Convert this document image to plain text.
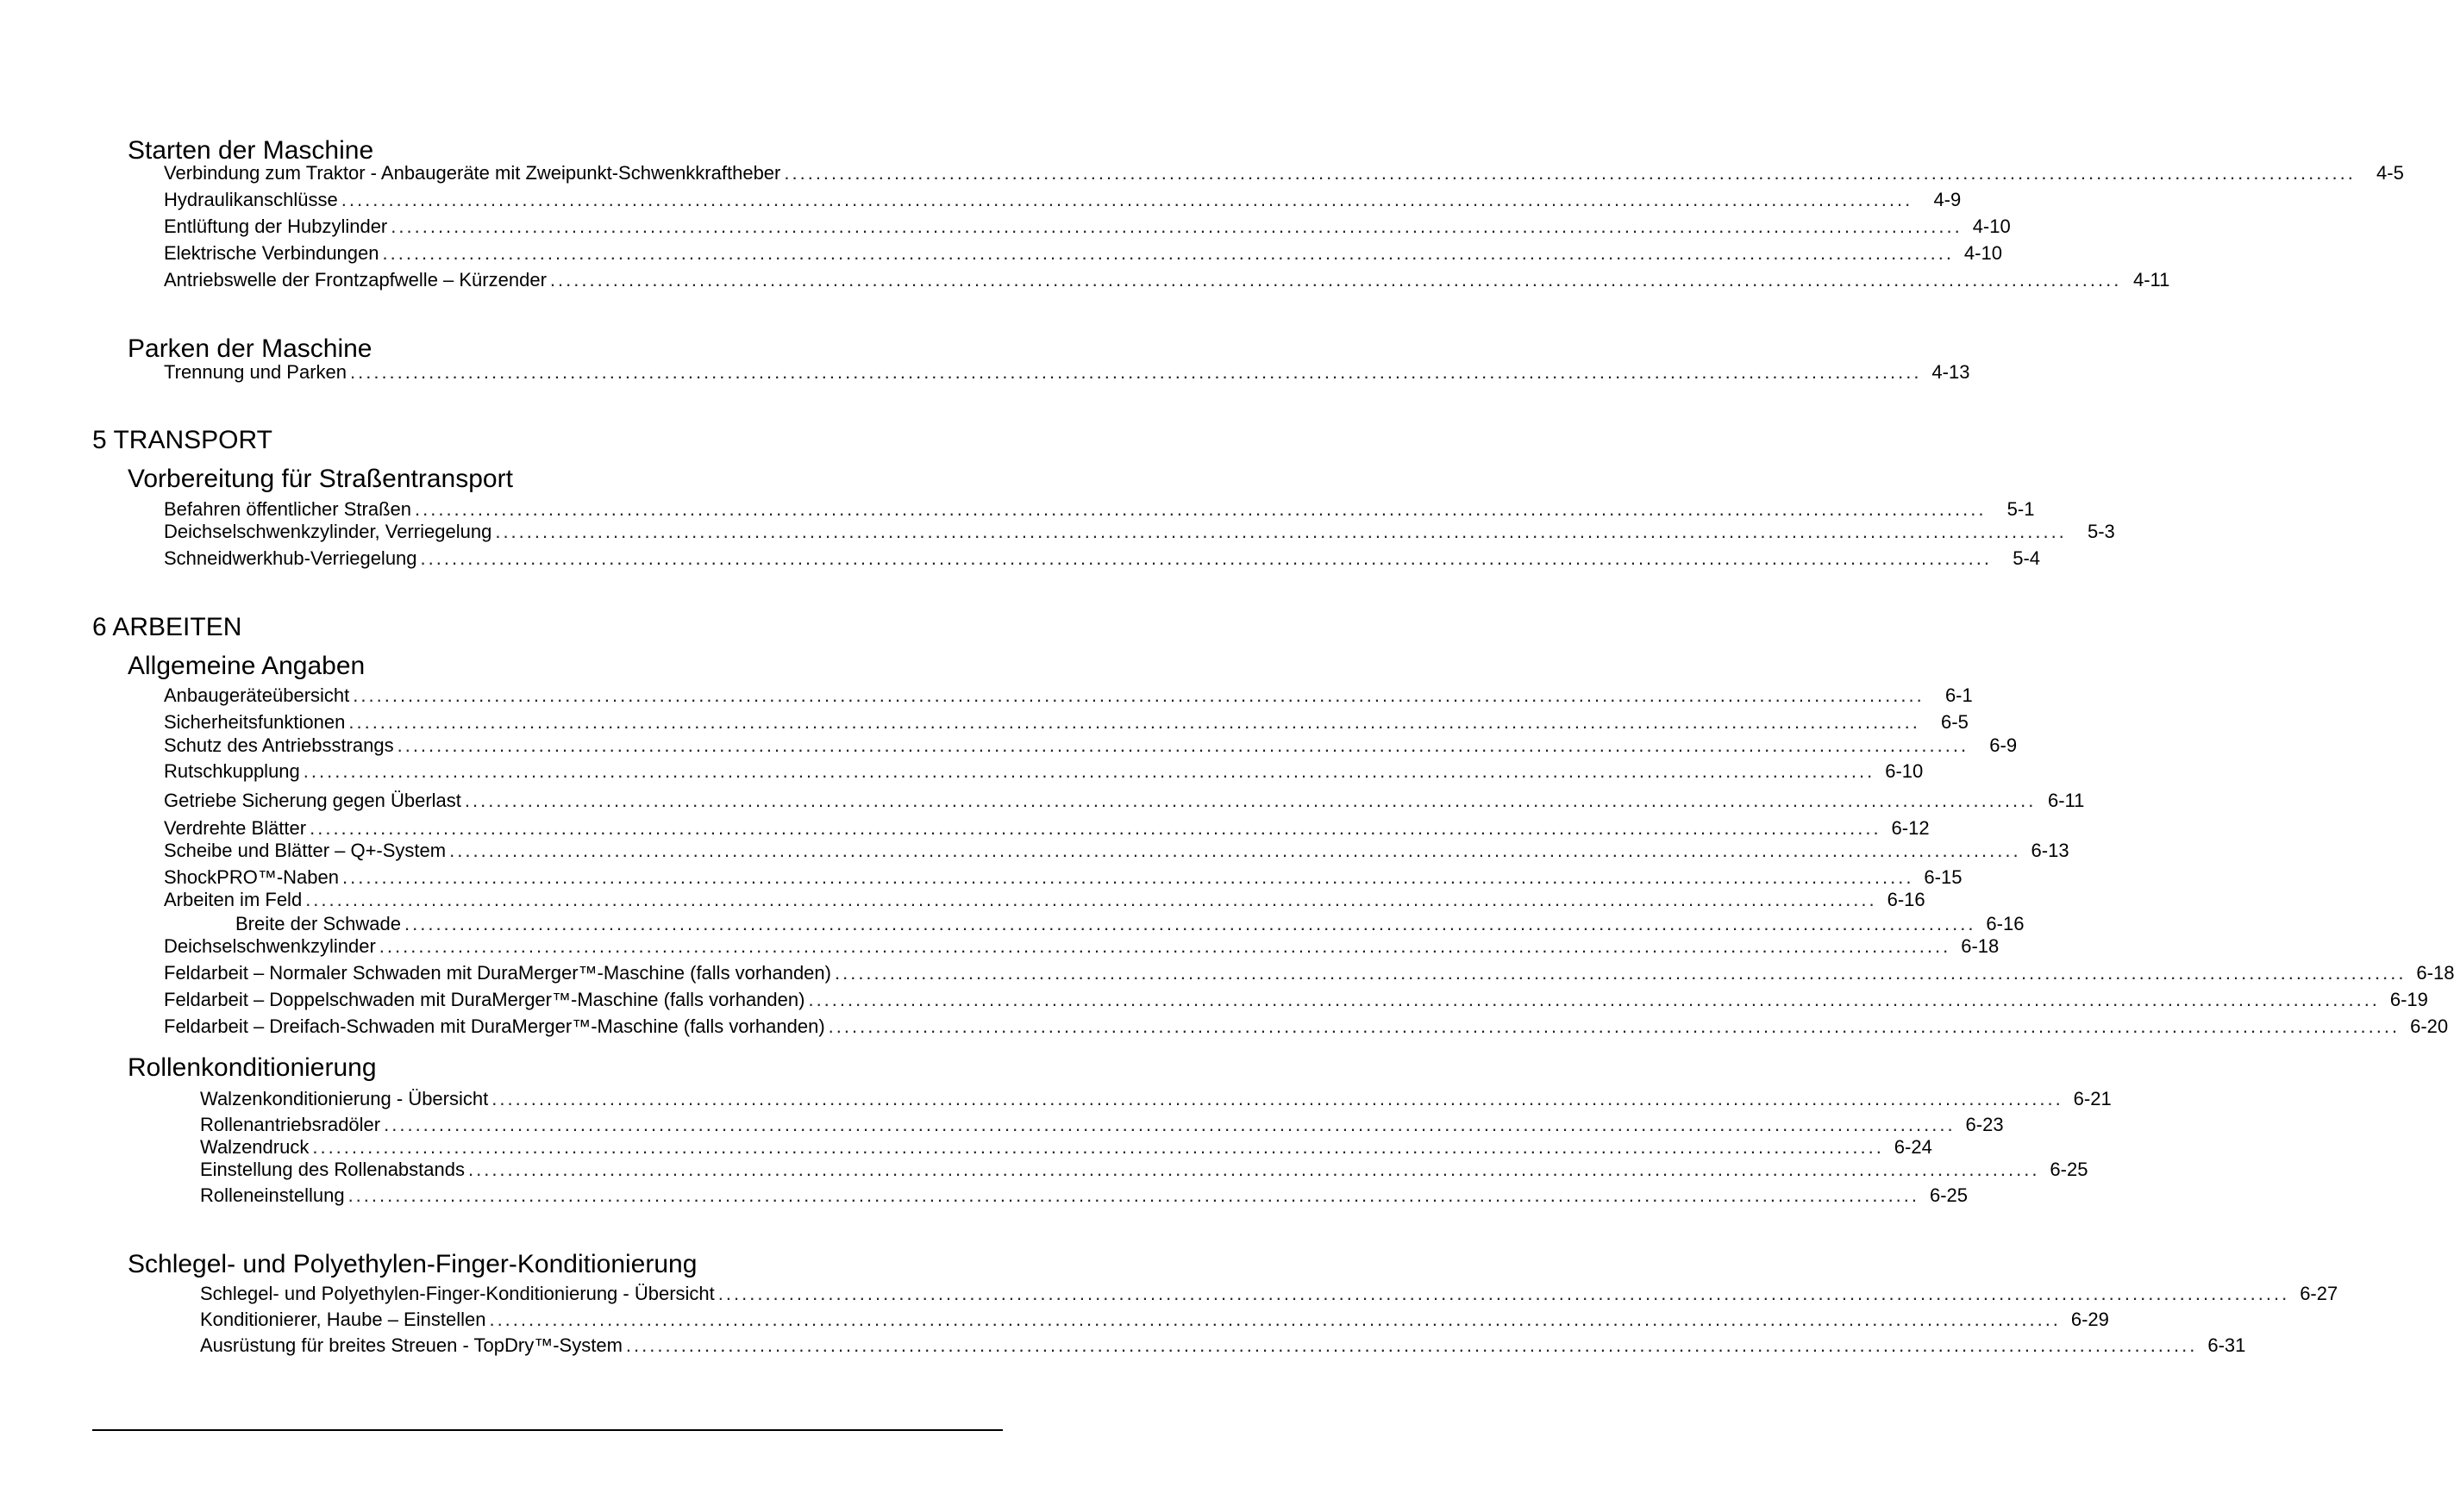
Starten der Maschine
Verbindung zum Traktor - Anbaugeräte mit Zweipunkt-Schwenkkraftheber ........................................................................................................................................................................................................	4-5
Hydraulikanschlüsse ........................................................................................................................................................................................................	4-9
Entlüftung der Hubzylinder ........................................................................................................................................................................................................ 4-10
Elektrische Verbindungen ........................................................................................................................................................................................................ 4-10
Antriebswelle der Frontzapfwelle – Kürzender ........................................................................................................................................................................................................ 4-11
Parken der Maschine
Trennung und Parken ........................................................................................................................................................................................................ 4-13
5 TRANSPORT
Vorbereitung für Straßentransport
Befahren öffentlicher Straßen ........................................................................................................................................................................................................	5-1
Deichselschwenkzylinder, Verriegelung ........................................................................................................................................................................................................	5-3
Schneidwerkhub-Verriegelung ........................................................................................................................................................................................................	5-4
6 ARBEITEN
Allgemeine Angaben
Anbaugeräteübersicht ........................................................................................................................................................................................................	6-1
Sicherheitsfunktionen ........................................................................................................................................................................................................	6-5
Schutz des Antriebsstrangs ........................................................................................................................................................................................................	6-9
Rutschkupplung ........................................................................................................................................................................................................ 6-10
Getriebe Sicherung gegen Überlast ........................................................................................................................................................................................................ 6-11
Verdrehte Blätter ........................................................................................................................................................................................................ 6-12
Scheibe und Blätter – Q+-System ........................................................................................................................................................................................................ 6-13
ShockPRO™-Naben ........................................................................................................................................................................................................ 6-15
Arbeiten im Feld ........................................................................................................................................................................................................ 6-16
Breite der Schwade ........................................................................................................................................................................................................ 6-16
Deichselschwenkzylinder ........................................................................................................................................................................................................ 6-18
Feldarbeit – Normaler Schwaden mit DuraMerger™-Maschine (falls vorhanden) ........................................................................................................................................................................................................ 6-18
Feldarbeit – Doppelschwaden mit DuraMerger™-Maschine (falls vorhanden) ........................................................................................................................................................................................................ 6-19
Feldarbeit – Dreifach-Schwaden mit DuraMerger™-Maschine (falls vorhanden) ........................................................................................................................................................................................................ 6-20
Rollenkonditionierung
Walzenkonditionierung - Übersicht ........................................................................................................................................................................................................ 6-21
Rollenantriebsradöler ........................................................................................................................................................................................................ 6-23
Walzendruck ........................................................................................................................................................................................................ 6-24
Einstellung des Rollenabstands ........................................................................................................................................................................................................ 6-25
Rolleneinstellung ........................................................................................................................................................................................................ 6-25
Schlegel- und Polyethylen-Finger-Konditionierung
Schlegel- und Polyethylen-Finger-Konditionierung - Übersicht ........................................................................................................................................................................................................ 6-27
Konditionierer, Haube – Einstellen ........................................................................................................................................................................................................ 6-29
Ausrüstung für breites Streuen - TopDry™-System ........................................................................................................................................................................................................ 6-31
